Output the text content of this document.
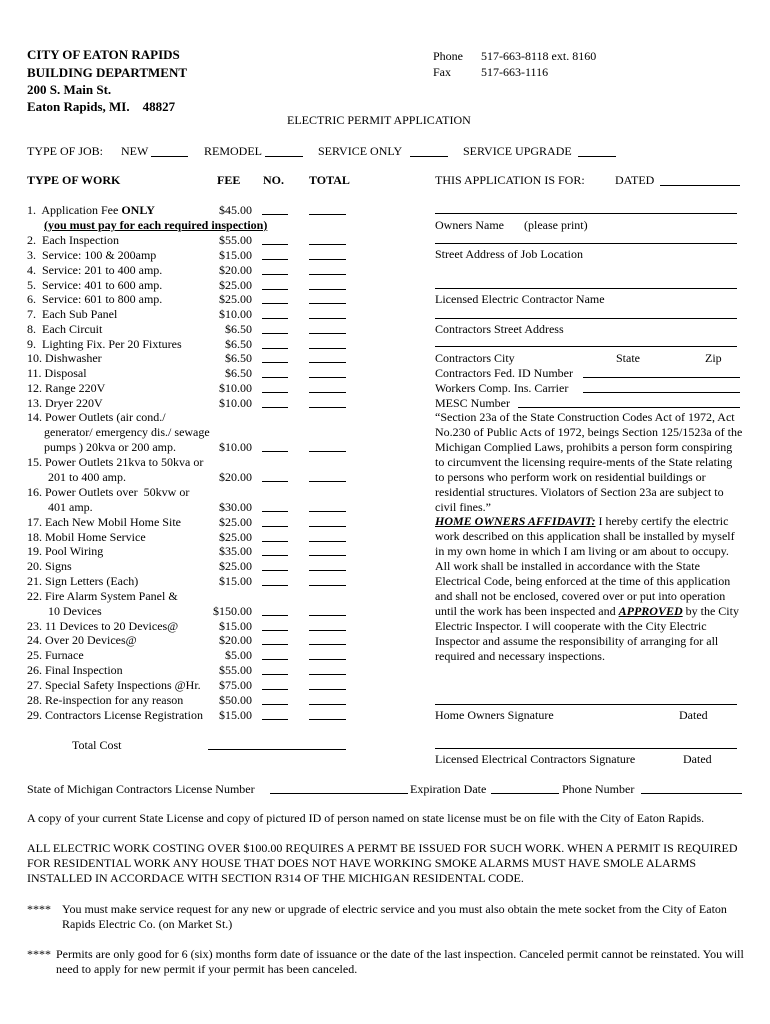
CITY OF EATON RAPIDS
BUILDING DEPARTMENT
200 S. Main St.
Eaton Rapids, MI.    48827
Phone 517-663-8118 ext. 8160
Fax	517-663-1116
ELECTRIC PERMIT APPLICATION
TYPE OF JOB: NEW	REMODEL	SERVICE ONLY	SERVICE UPGRADE
TYPE OF WORK	FEE NO. TOTAL	THIS APPLICATION IS FOR:	DATED
1.  Application Fee ONLY	$45.00
2.  Each Inspection	$55.00
3.  Service: 100 & 200amp	$15.00
4.  Service: 201 to 400 amp.	$20.00
5.  Service: 401 to 600 amp.	$25.00
6.  Service: 601 to 800 amp.	$25.00
7.  Each Sub Panel	$10.00
8.  Each Circuit	$6.50
9.  Lighting Fix. Per 20 Fixtures	$6.50
10. Dishwasher	$6.50
11. Disposal	$6.50
12. Range 220V	$10.00
13. Dryer 220V	$10.00
14. Power Outlets (air cond./
generator/ emergency dis./ sewage
pumps ) 20kva or 200 amp.	$10.00
15. Power Outlets 21kva to 50kva or
201 to 400 amp.	$20.00
16. Power Outlets over  50kvw or
401 amp.	$30.00
17. Each New Mobil Home Site	$25.00
18. Mobil Home Service	$25.00
19. Pool Wiring	$35.00
20. Signs	$25.00
21. Sign Letters (Each)	$15.00
22. Fire Alarm System Panel &
10 Devices	$150.00
23. 11 Devices to 20 Devices@	$15.00
24. Over 20 Devices@	$20.00
25. Furnace	$5.00
26. Final Inspection	$55.00
27. Special Safety Inspections @Hr.	$75.00
28. Re-inspection for any reason	$50.00
29. Contractors License Registration	$15.00
(you must pay for each required inspection)
Total Cost
Owners Name (please print)
Street Address of Job Location
Licensed Electric Contractor Name
Contractors Street Address
Contractors City	State	Zip
Contractors Fed. ID Number
Workers Comp. Ins. Carrier
MESC Number
“Section 23a of the State Construction Codes Act of 1972, Act No.230 of Public Acts of 1972, beings Section 125/1523a of the Michigan Complied Laws, prohibits a person form conspiring to circumvent the licensing require-ments of the State relating to persons who perform work on residential buildings or residential structures. Violators of Section 23a are subject to civil fines.”
HOME OWNERS AFFIDAVIT: I hereby certify the electric work described on this application shall be installed by myself in my own home in which I am living or am about to occupy. All work shall be installed in accordance with the State Electrical Code, being enforced at the time of this application and shall not be enclosed, covered over or put into operation until the work has been inspected and APPROVED by the City Electric Inspector. I will cooperate with the City Electric Inspector and assume the responsibility of arranging for all required and necessary inspections.
Home Owners Signature	Dated
Licensed Electrical Contractors Signature	Dated
State of Michigan Contractors License Number	Expiration Date	Phone Number
A copy of your current State License and copy of pictured ID of person named on state license must be on file with the City of Eaton Rapids.
ALL ELECTRIC WORK COSTING OVER $100.00 REQUIRES A PERMT BE ISSUED FOR SUCH WORK. WHEN A PERMIT IS REQUIRED FOR RESIDENTIAL WORK ANY HOUSE THAT DOES NOT HAVE WORKING SMOKE ALARMS MUST HAVE SMOLE ALARMS INSTALLED IN ACCORDACE WITH SECTION R314 OF THE MICHIGAN RESIDENTAL CODE.
**** You must make service request for any new or upgrade of electric service and you must also obtain the mete socket from the City of Eaton Rapids Electric Co. (on Market St.)
**** Permits are only good for 6 (six) months form date of issuance or the date of the last inspection. Canceled permit cannot be reinstated. You will need to apply for new permit if your permit has been canceled.
